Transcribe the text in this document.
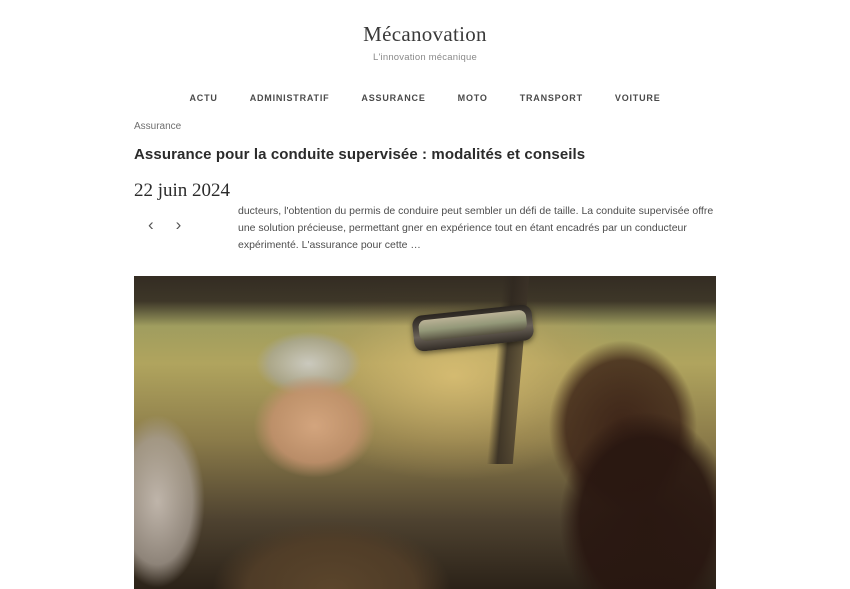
Mécanovation
L'innovation mécanique
ACTU	ADMINISTRATIF	ASSURANCE	MOTO	TRANSPORT	VOITURE
Assurance
Assurance pour la conduite supervisée : modalités et conseils
22 juin 2024
‹ ›

ducteurs, l'obtention du permis de conduire peut sembler un défi de taille. La conduite supervisée offre une solution précieuse, permettant gner en expérience tout en étant encadrés par un conducteur expérimenté. L'assurance pour cette …
